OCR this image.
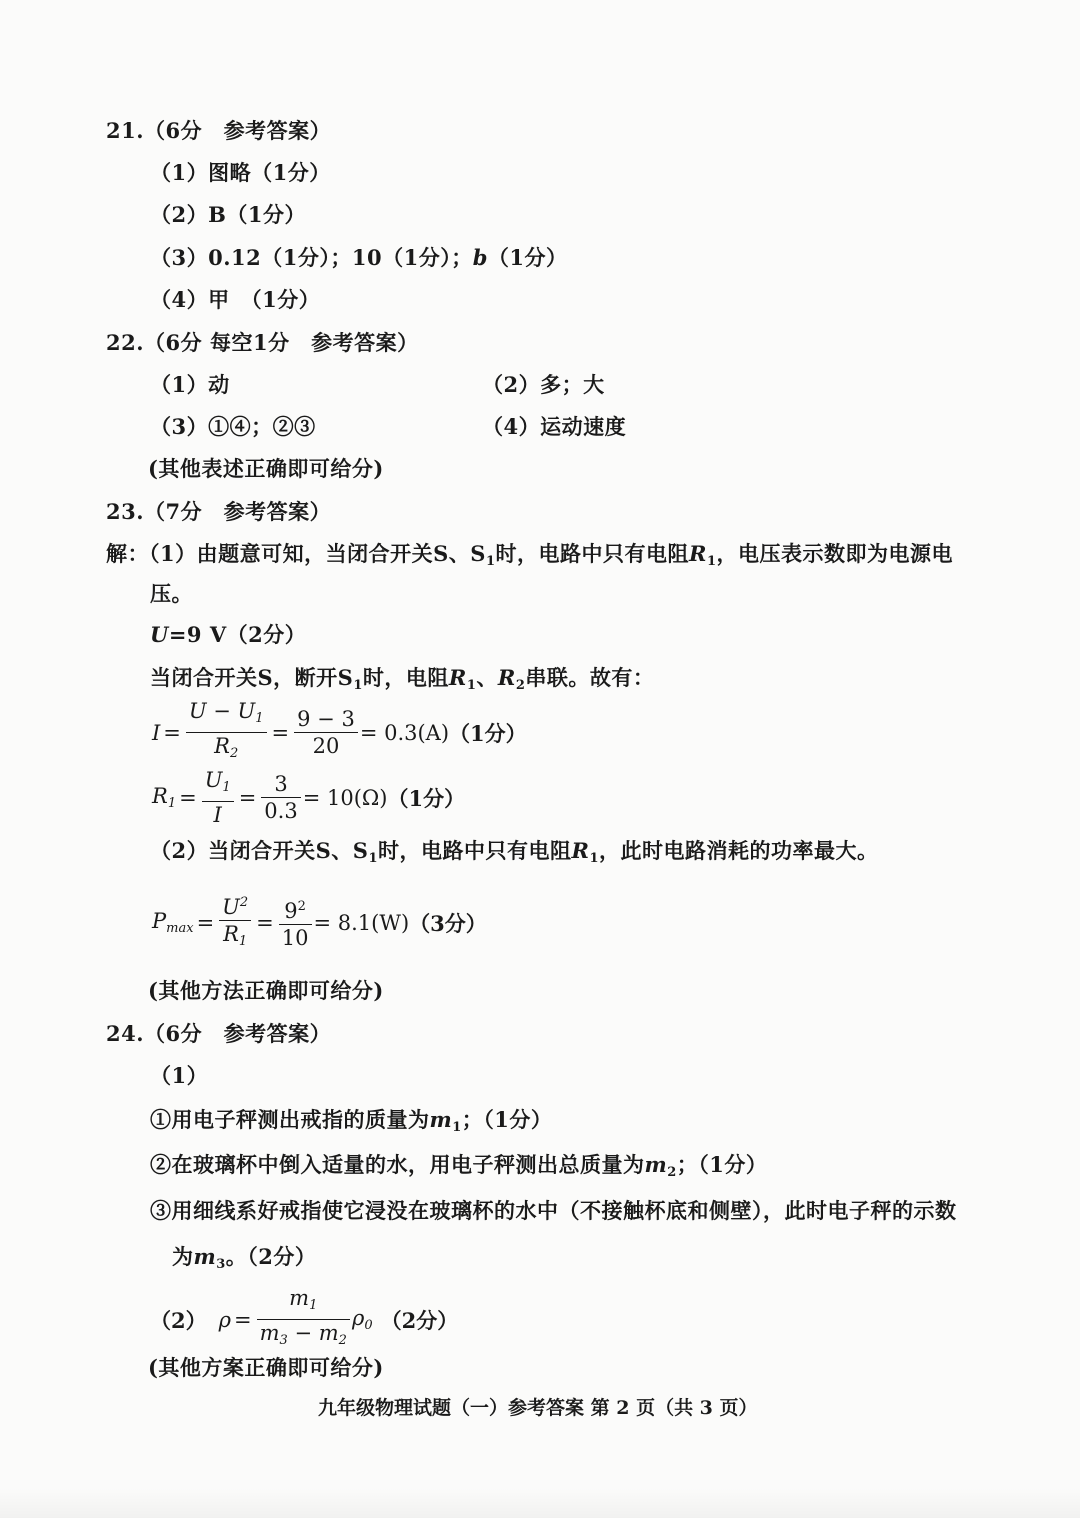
21.（6分　参考答案）
（1）图略（1分）
（2）B（1分）
（3）0.12（1分）；10（1分）；b（1分）
（4）甲　（1分）
22.（6分 每空1分　参考答案）
（1）动	（2）多；大
（3）①④；②③	（4）运动速度
(其他表述正确即可给分)
23.（7分　参考答案）
解：（1）由题意可知，当闭合开关S、$S_1$时，电路中只有电阻$R_1$，电压表示数即为电源电
压。
U=9 V（2分）
当闭合开关S，断开$S_1$时，电阻$R_1$、$R_2$串联。故有：
$I = \frac{U - U_1}{R_2} = \frac{9 - 3}{20} = 0.3(A)$ （1分）
$R_1 = \frac{U_1}{I} = \frac{3}{0.3} = 10(\Omega)$ （1分）
（2）当闭合开关S、$S_1$时，电路中只有电阻$R_1$，此时电路消耗的功率最大。
$P_{max} = \frac{U^2}{R_1} = \frac{9^2}{10} = 8.1(W)$ （3分）
(其他方法正确即可给分)
24.（6分　参考答案）
（1）
①用电子秤测出戒指的质量为$m_1$；（1分）
②在玻璃杯中倒入适量的水，用电子秤测出总质量为$m_2$；（1分）
③用细线系好戒指使它浸没在玻璃杯的水中（不接触杯底和侧壁），此时电子秤的示数
为$m_3$。（2分）
（2） $\rho = \frac{m_1}{m_3 - m_2} \rho_0$ （2分）
(其他方案正确即可给分)
九年级物理试题（一）参考答案 第 2 页（共 3 页）
